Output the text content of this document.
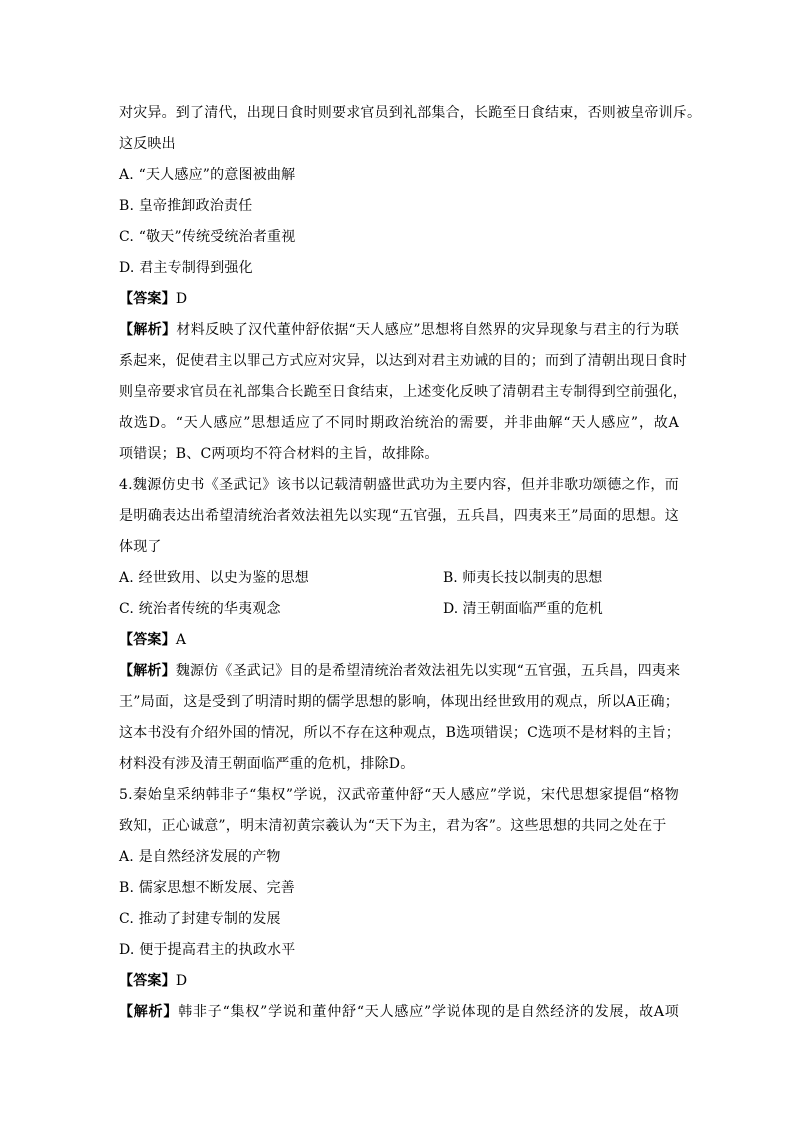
对灾异。到了清代，出现日食时则要求官员到礼部集合，长跪至日食结束，否则被皇帝训斥。
这反映出
A. “天人感应”的意图被曲解
B. 皇帝推卸政治责任
C. “敬天”传统受统治者重视
D. 君主专制得到强化
【答案】D
【解析】材料反映了汉代董仲舒依据“天人感应”思想将自然界的灾异现象与君主的行为联
系起来，促使君主以罪己方式应对灾异，以达到对君主劝诫的目的；而到了清朝出现日食时
则皇帝要求官员在礼部集合长跪至日食结束，上述变化反映了清朝君主专制得到空前强化，
故选D。“天人感应”思想适应了不同时期政治统治的需要，并非曲解“天人感应”，故A
项错误；B、C两项均不符合材料的主旨，故排除。
4.魏源仿史书《圣武记》该书以记载清朝盛世武功为主要内容，但并非歌功颂德之作，而
是明确表达出希望清统治者效法祖先以实现“五官强，五兵昌，四夷来王”局面的思想。这
体现了
A. 经世致用、以史为鉴的思想	B. 师夷长技以制夷的思想
C. 统治者传统的华夷观念	D. 清王朝面临严重的危机
【答案】A
【解析】魏源仿《圣武记》目的是希望清统治者效法祖先以实现“五官强，五兵昌，四夷来
王”局面，这是受到了明清时期的儒学思想的影响，体现出经世致用的观点，所以A正确；
这本书没有介绍外国的情况，所以不存在这种观点，B选项错误；C选项不是材料的主旨；
材料没有涉及清王朝面临严重的危机，排除D。
5.秦始皇采纳韩非子“集权”学说，汉武帝董仲舒“天人感应”学说，宋代思想家提倡“格物
致知，正心诚意”，明末清初黄宗羲认为“天下为主，君为客”。这些思想的共同之处在于
A. 是自然经济发展的产物
B. 儒家思想不断发展、完善
C. 推动了封建专制的发展
D. 便于提高君主的执政水平
【答案】D
【解析】韩非子“集权”学说和董仲舒“天人感应”学说体现的是自然经济的发展，故A项
